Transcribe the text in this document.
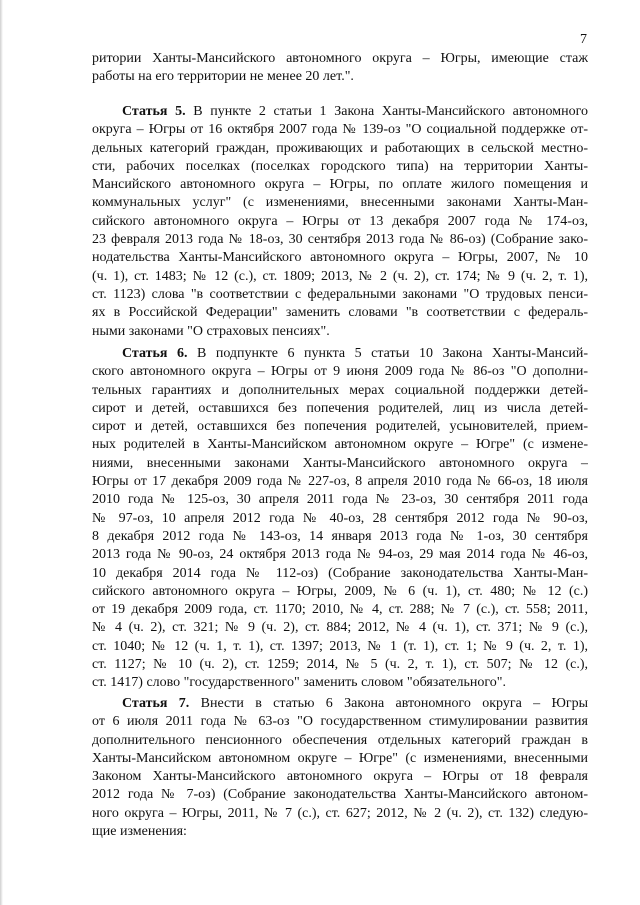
7
ритории Ханты-Мансийского автономного округа – Югры, имеющие стаж
работы на его территории не менее 20 лет.".
Статья 5. В пункте 2 статьи 1 Закона Ханты-Мансийского автономного
округа – Югры от 16 октября 2007 года № 139-оз "О социальной поддержке от-
дельных категорий граждан, проживающих и работающих в сельской местно-
сти, рабочих поселках (поселках городского типа) на территории Ханты-
Мансийского автономного округа – Югры, по оплате жилого помещения и
коммунальных услуг" (с изменениями, внесенными законами Ханты-Ман-
сийского автономного округа – Югры от 13 декабря 2007 года № 174-оз,
23 февраля 2013 года № 18-оз, 30 сентября 2013 года № 86-оз) (Собрание зако-
нодательства Ханты-Мансийского автономного округа – Югры, 2007, № 10
(ч. 1), ст. 1483; № 12 (с.), ст. 1809; 2013, № 2 (ч. 2), ст. 174; № 9 (ч. 2, т. 1),
ст. 1123) слова "в соответствии с федеральными законами "О трудовых пенси-
ях в Российской Федерации" заменить словами "в соответствии с федераль-
ными законами "О страховых пенсиях".
Статья 6. В подпункте 6 пункта 5 статьи 10 Закона Ханты-Мансий-
ского автономного округа – Югры от 9 июня 2009 года № 86-оз "О дополни-
тельных гарантиях и дополнительных мерах социальной поддержки детей-
сирот и детей, оставшихся без попечения родителей, лиц из числа детей-
сирот и детей, оставшихся без попечения родителей, усыновителей, прием-
ных родителей в Ханты-Мансийском автономном округе – Югре" (с измене-
ниями, внесенными законами Ханты-Мансийского автономного округа –
Югры от 17 декабря 2009 года № 227-оз, 8 апреля 2010 года № 66-оз, 18 июля
2010 года № 125-оз, 30 апреля 2011 года № 23-оз, 30 сентября 2011 года
№ 97-оз, 10 апреля 2012 года № 40-оз, 28 сентября 2012 года № 90-оз,
8 декабря 2012 года № 143-оз, 14 января 2013 года № 1-оз, 30 сентября
2013 года № 90-оз, 24 октября 2013 года № 94-оз, 29 мая 2014 года № 46-оз,
10 декабря 2014 года № 112-оз) (Собрание законодательства Ханты-Ман-
сийского автономного округа – Югры, 2009, № 6 (ч. 1), ст. 480; № 12 (с.)
от 19 декабря 2009 года, ст. 1170; 2010, № 4, ст. 288; № 7 (с.), ст. 558; 2011,
№ 4 (ч. 2), ст. 321; № 9 (ч. 2), ст. 884; 2012, № 4 (ч. 1), ст. 371; № 9 (с.),
ст. 1040; № 12 (ч. 1, т. 1), ст. 1397; 2013, № 1 (т. 1), ст. 1; № 9 (ч. 2, т. 1),
ст. 1127; № 10 (ч. 2), ст. 1259; 2014, № 5 (ч. 2, т. 1), ст. 507; № 12 (с.),
ст. 1417) слово "государственного" заменить словом "обязательного".
Статья 7. Внести в статью 6 Закона автономного округа – Югры
от 6 июля 2011 года № 63-оз "О государственном стимулировании развития
дополнительного пенсионного обеспечения отдельных категорий граждан в
Ханты-Мансийском автономном округе – Югре" (с изменениями, внесенными
Законом Ханты-Мансийского автономного округа – Югры от 18 февраля
2012 года № 7-оз) (Собрание законодательства Ханты-Мансийского автоном-
ного округа – Югры, 2011, № 7 (с.), ст. 627; 2012, № 2 (ч. 2), ст. 132) следую-
щие изменения:
